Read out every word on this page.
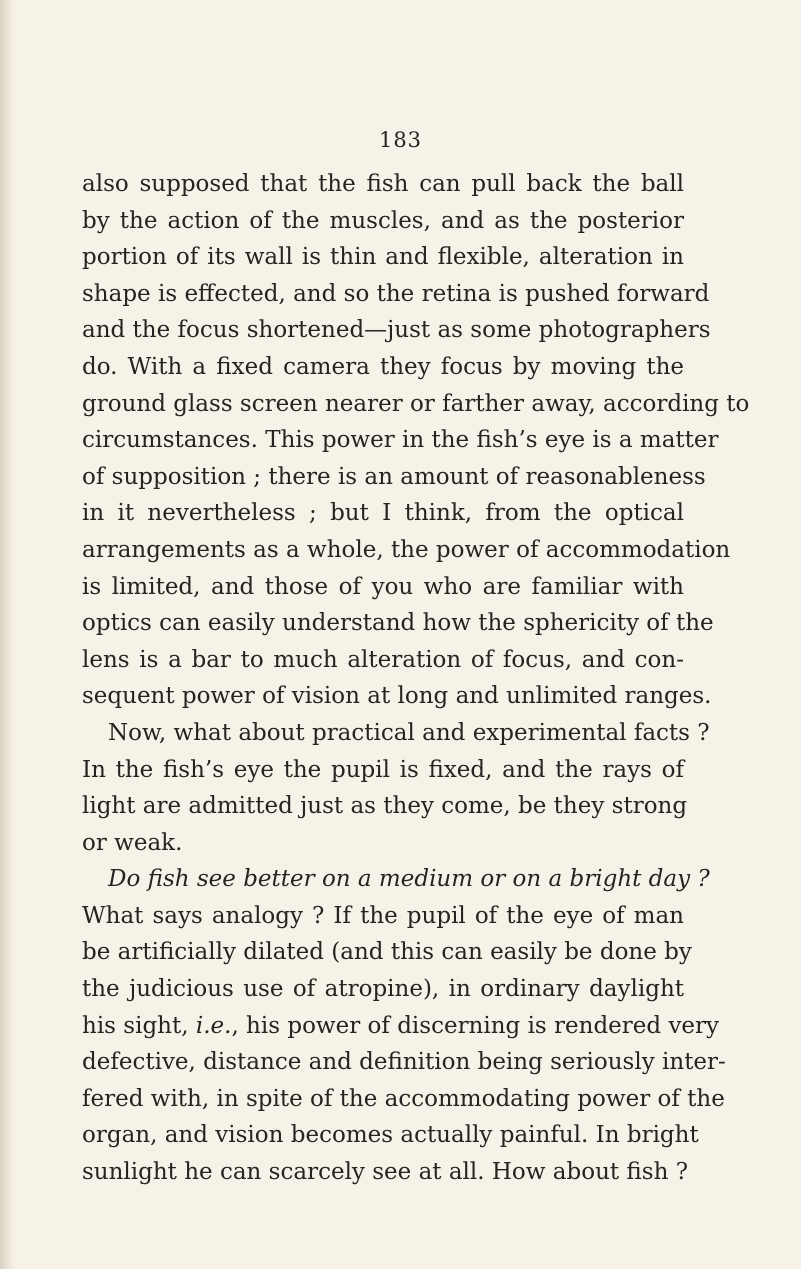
183
also supposed that the fish can pull back the ball
by the action of the muscles, and as the posterior
portion of its wall is thin and flexible, alteration in
shape is effected, and so the retina is pushed forward
and the focus shortened—just as some photographers
do. With a fixed camera they focus by moving the
ground glass screen nearer or farther away, according to
circumstances. This power in the fish’s eye is a matter
of supposition ; there is an amount of reasonableness
in it nevertheless ; but I think, from the optical
arrangements as a whole, the power of accommodation
is limited, and those of you who are familiar with
optics can easily understand how the sphericity of the
lens is a bar to much alteration of focus, and con-
sequent power of vision at long and unlimited ranges.
Now, what about practical and experimental facts ?
In the fish’s eye the pupil is fixed, and the rays of
light are admitted just as they come, be they strong
or weak.
Do fish see better on a medium or on a bright day ?
What says analogy ? If the pupil of the eye of man
be artificially dilated (and this can easily be done by
the judicious use of atropine), in ordinary daylight
his sight, i.e., his power of discerning is rendered very
defective, distance and definition being seriously inter-
fered with, in spite of the accommodating power of the
organ, and vision becomes actually painful. In bright
sunlight he can scarcely see at all. How about fish ?
